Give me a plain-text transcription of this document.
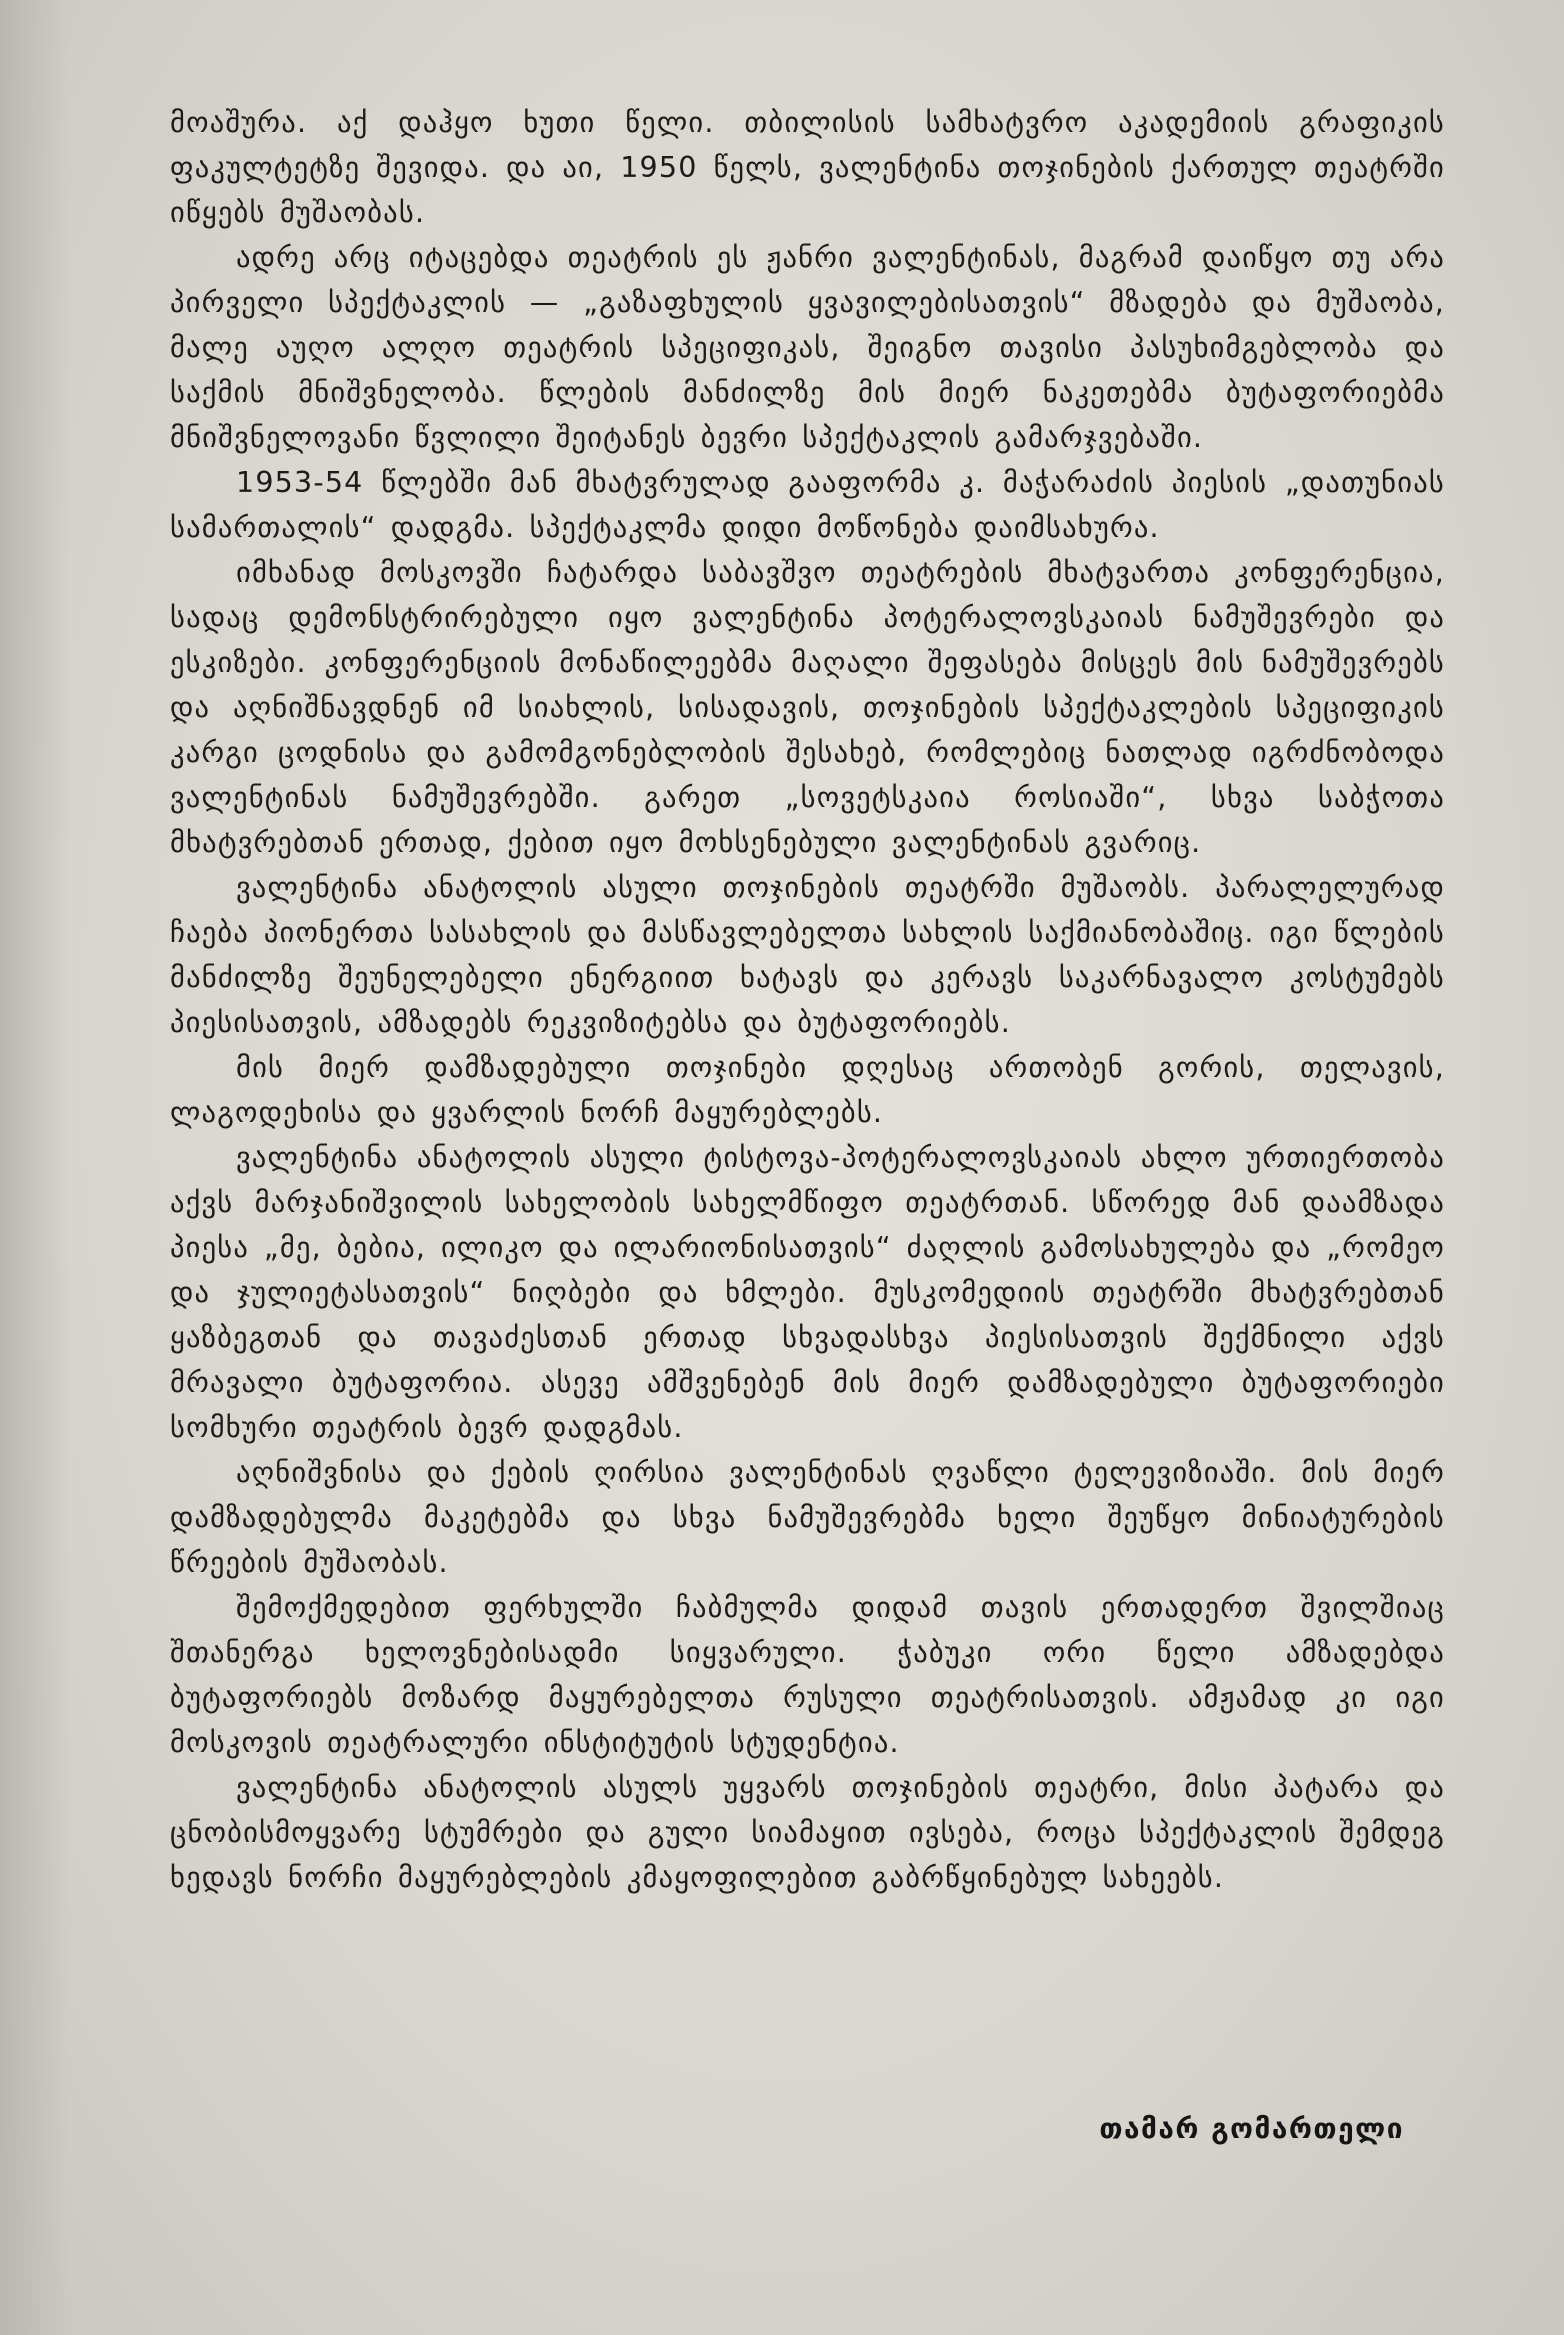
მოაშურა. აქ დაჰყო ხუთი წელი. თბილისის სამხატვრო აკადემიის გრაფიკის ფაკულტეტზე შევიდა. და აი, 1950 წელს, ვალენტინა თოჯინების ქართულ თეატრში იწყებს მუშაობას.

ადრე არც იტაცებდა თეატრის ეს ჟანრი ვალენტინას, მაგრამ დაიწყო თუ არა პირველი სპექტაკლის — „გაზაფხულის ყვავილებისათვის“ მზადება და მუშაობა, მალე აუღო ალღო თეატრის სპეციფიკას, შეიგნო თავისი პასუხიმგებლობა და საქმის მნიშვნელობა. წლების მანძილზე მის მიერ ნაკეთებმა ბუტაფორიებმა მნიშვნელოვანი წვლილი შეიტანეს ბევრი სპექტაკლის გამარჯვებაში.

1953-54 წლებში მან მხატვრულად გააფორმა კ. მაჭარაძის პიესის „დათუნიას სამართალის“ დადგმა. სპექტაკლმა დიდი მოწონება დაიმსახურა.

იმხანად მოსკოვში ჩატარდა საბავშვო თეატრების მხატვართა კონფერენცია, სადაც დემონსტრირებული იყო ვალენტინა პოტერალოვსკაიას ნამუშევრები და ესკიზები. კონფერენციის მონაწილეებმა მაღალი შეფასება მისცეს მის ნამუშევრებს და აღნიშნავდნენ იმ სიახლის, სისადავის, თოჯინების სპექტაკლების სპეციფიკის კარგი ცოდნისა და გამომგონებლობის შესახებ, რომლებიც ნათლად იგრძნობოდა ვალენტინას ნამუშევრებში. გარეთ „სოვეტსკაია როსიაში“, სხვა საბჭოთა მხატვრებთან ერთად, ქებით იყო მოხსენებული ვალენტინას გვარიც.

ვალენტინა ანატოლის ასული თოჯინების თეატრში მუშაობს. პარალელურად ჩაება პიონერთა სასახლის და მასწავლებელთა სახლის საქმიანობაშიც. იგი წლების მანძილზე შეუნელებელი ენერგიით ხატავს და კერავს საკარნავალო კოსტუმებს პიესისათვის, ამზადებს რეკვიზიტებსა და ბუტაფორიებს.

მის მიერ დამზადებული თოჯინები დღესაც ართობენ გორის, თელავის, ლაგოდეხისა და ყვარლის ნორჩ მაყურებლებს.

ვალენტინა ანატოლის ასული ტისტოვა-პოტერალოვსკაიას ახლო ურთიერთობა აქვს მარჯანიშვილის სახელობის სახელმწიფო თეატრთან. სწორედ მან დაამზადა პიესა „მე, ბებია, ილიკო და ილარიონისათვის“ ძაღლის გამოსახულება და „რომეო და ჯულიეტასათვის“ ნიღბები და ხმლები. მუსკომედიის თეატრში მხატვრებთან ყაზბეგთან და თავაძესთან ერთად სხვადასხვა პიესისათვის შექმნილი აქვს მრავალი ბუტაფორია. ასევე ამშვენებენ მის მიერ დამზადებული ბუტაფორიები სომხური თეატრის ბევრ დადგმას.

აღნიშვნისა და ქების ღირსია ვალენტინას ღვაწლი ტელევიზიაში. მის მიერ დამზადებულმა მაკეტებმა და სხვა ნამუშევრებმა ხელი შეუწყო მინიატურების წრეების მუშაობას.

შემოქმედებით ფერხულში ჩაბმულმა დიდამ თავის ერთადერთ შვილშიაც შთანერგა ხელოვნებისადმი სიყვარული. ჭაბუკი ორი წელი ამზადებდა ბუტაფორიებს მოზარდ მაყურებელთა რუსული თეატრისათვის. ამჟამად კი იგი მოსკოვის თეატრალური ინსტიტუტის სტუდენტია.

ვალენტინა ანატოლის ასულს უყვარს თოჯინების თეატრი, მისი პატარა და ცნობისმოყვარე სტუმრები და გული სიამაყით ივსება, როცა სპექტაკლის შემდეგ ხედავს ნორჩი მაყურებლების კმაყოფილებით გაბრწყინებულ სახეებს.

თამარ გომართელი
